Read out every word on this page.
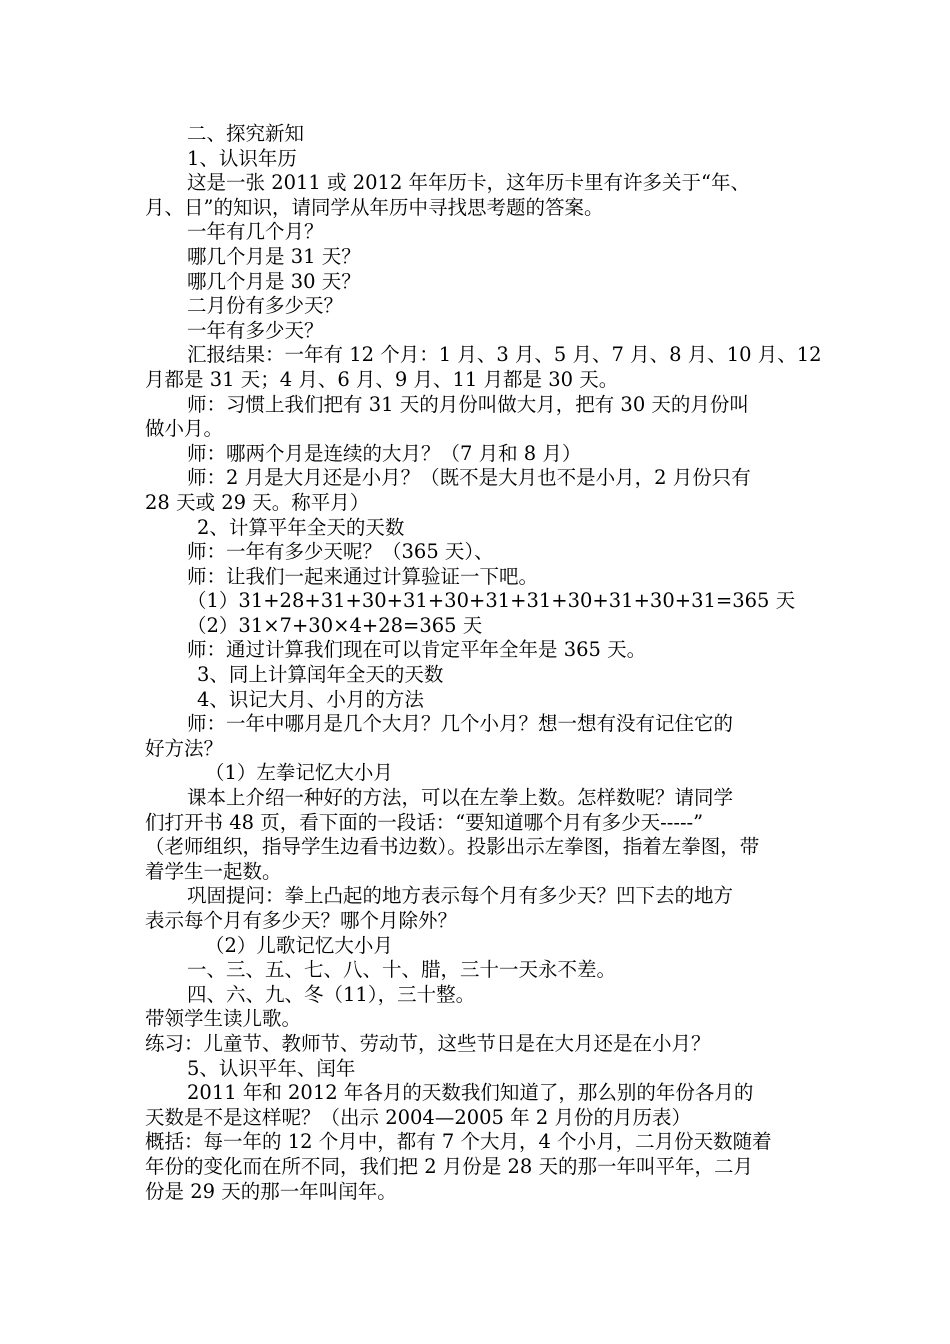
二、探究新知

1、认识年历

这是一张 2011 或 2012 年年历卡，这年历卡里有许多关于“年、

月、日”的知识，请同学从年历中寻找思考题的答案。

一年有几个月？

哪几个月是 31 天？

哪几个月是 30 天？

二月份有多少天？

一年有多少天？

汇报结果：一年有 12 个月：1 月、3 月、5 月、7 月、8 月、10 月、12

月都是 31 天；4 月、6 月、9 月、11 月都是 30 天。

师：习惯上我们把有 31 天的月份叫做大月，把有 30 天的月份叫

做小月。

师：哪两个月是连续的大月？（7 月和 8 月）

师：2 月是大月还是小月？（既不是大月也不是小月，2 月份只有

28 天或 29 天。称平月）

2、计算平年全天的天数

师：一年有多少天呢？（365 天）、

师：让我们一起来通过计算验证一下吧。

（1）31+28+31+30+31+30+31+31+30+31+30+31=365 天

（2）31×7+30×4+28=365 天

师：通过计算我们现在可以肯定平年全年是 365 天。

3、同上计算闰年全天的天数

4、识记大月、小月的方法

师：一年中哪月是几个大月？几个小月？想一想有没有记住它的

好方法？

（1）左拳记忆大小月

课本上介绍一种好的方法，可以在左拳上数。怎样数呢？请同学

们打开书 48 页，看下面的一段话：“要知道哪个月有多少天-----”

（老师组织，指导学生边看书边数）。投影出示左拳图，指着左拳图，带

着学生一起数。

巩固提问：拳上凸起的地方表示每个月有多少天？凹下去的地方

表示每个月有多少天？哪个月除外？

（2）儿歌记忆大小月

一、三、五、七、八、十、腊，三十一天永不差。

四、六、九、冬（11），三十整。

带领学生读儿歌。

练习：儿童节、教师节、劳动节，这些节日是在大月还是在小月？

5、认识平年、闰年

2011 年和 2012 年各月的天数我们知道了，那么别的年份各月的

天数是不是这样呢？（出示 2004—2005 年 2 月份的月历表）

概括：每一年的 12 个月中，都有 7 个大月，4 个小月，二月份天数随着

年份的变化而在所不同，我们把 2 月份是 28 天的那一年叫平年，二月

份是 29 天的那一年叫闰年。
